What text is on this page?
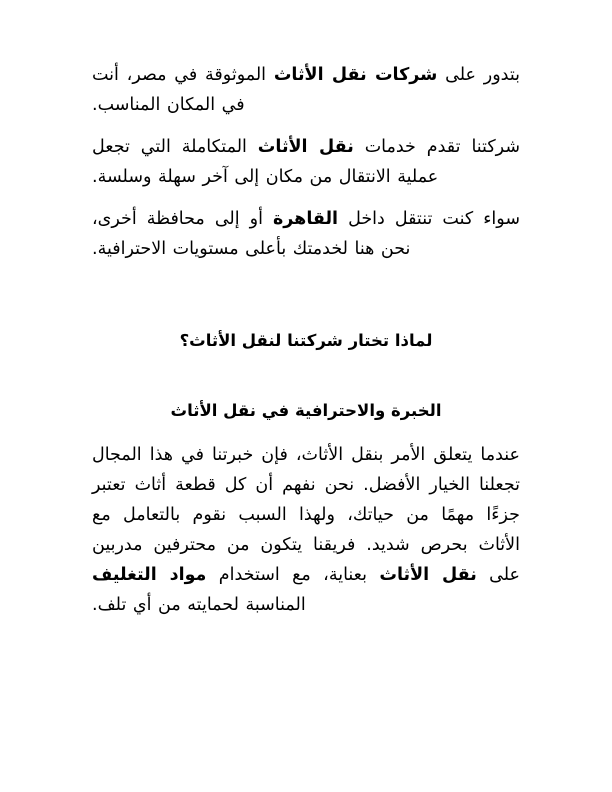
بتدور على شركات نقل الأثاث الموثوقة في مصر، أنت في المكان المناسب.

شركتنا تقدم خدمات نقل الأثاث المتكاملة التي تجعل عملية الانتقال من مكان إلى آخر سهلة وسلسة.

سواء كنت تنتقل داخل القاهرة أو إلى محافظة أخرى، نحن هنا لخدمتك بأعلى مستويات الاحترافية.

لماذا تختار شركتنا لنقل الأثاث؟
الخبرة والاحترافية في نقل الأثاث

عندما يتعلق الأمر بنقل الأثاث، فإن خبرتنا في هذا المجال تجعلنا الخيار الأفضل. نحن نفهم أن كل قطعة أثاث تعتبر جزءًا مهمًا من حياتك، ولهذا السبب نقوم بالتعامل مع الأثاث بحرص شديد. فريقنا يتكون من محترفين مدربين على نقل الأثاث بعناية، مع استخدام مواد التغليف المناسبة لحمايته من أي تلف.
